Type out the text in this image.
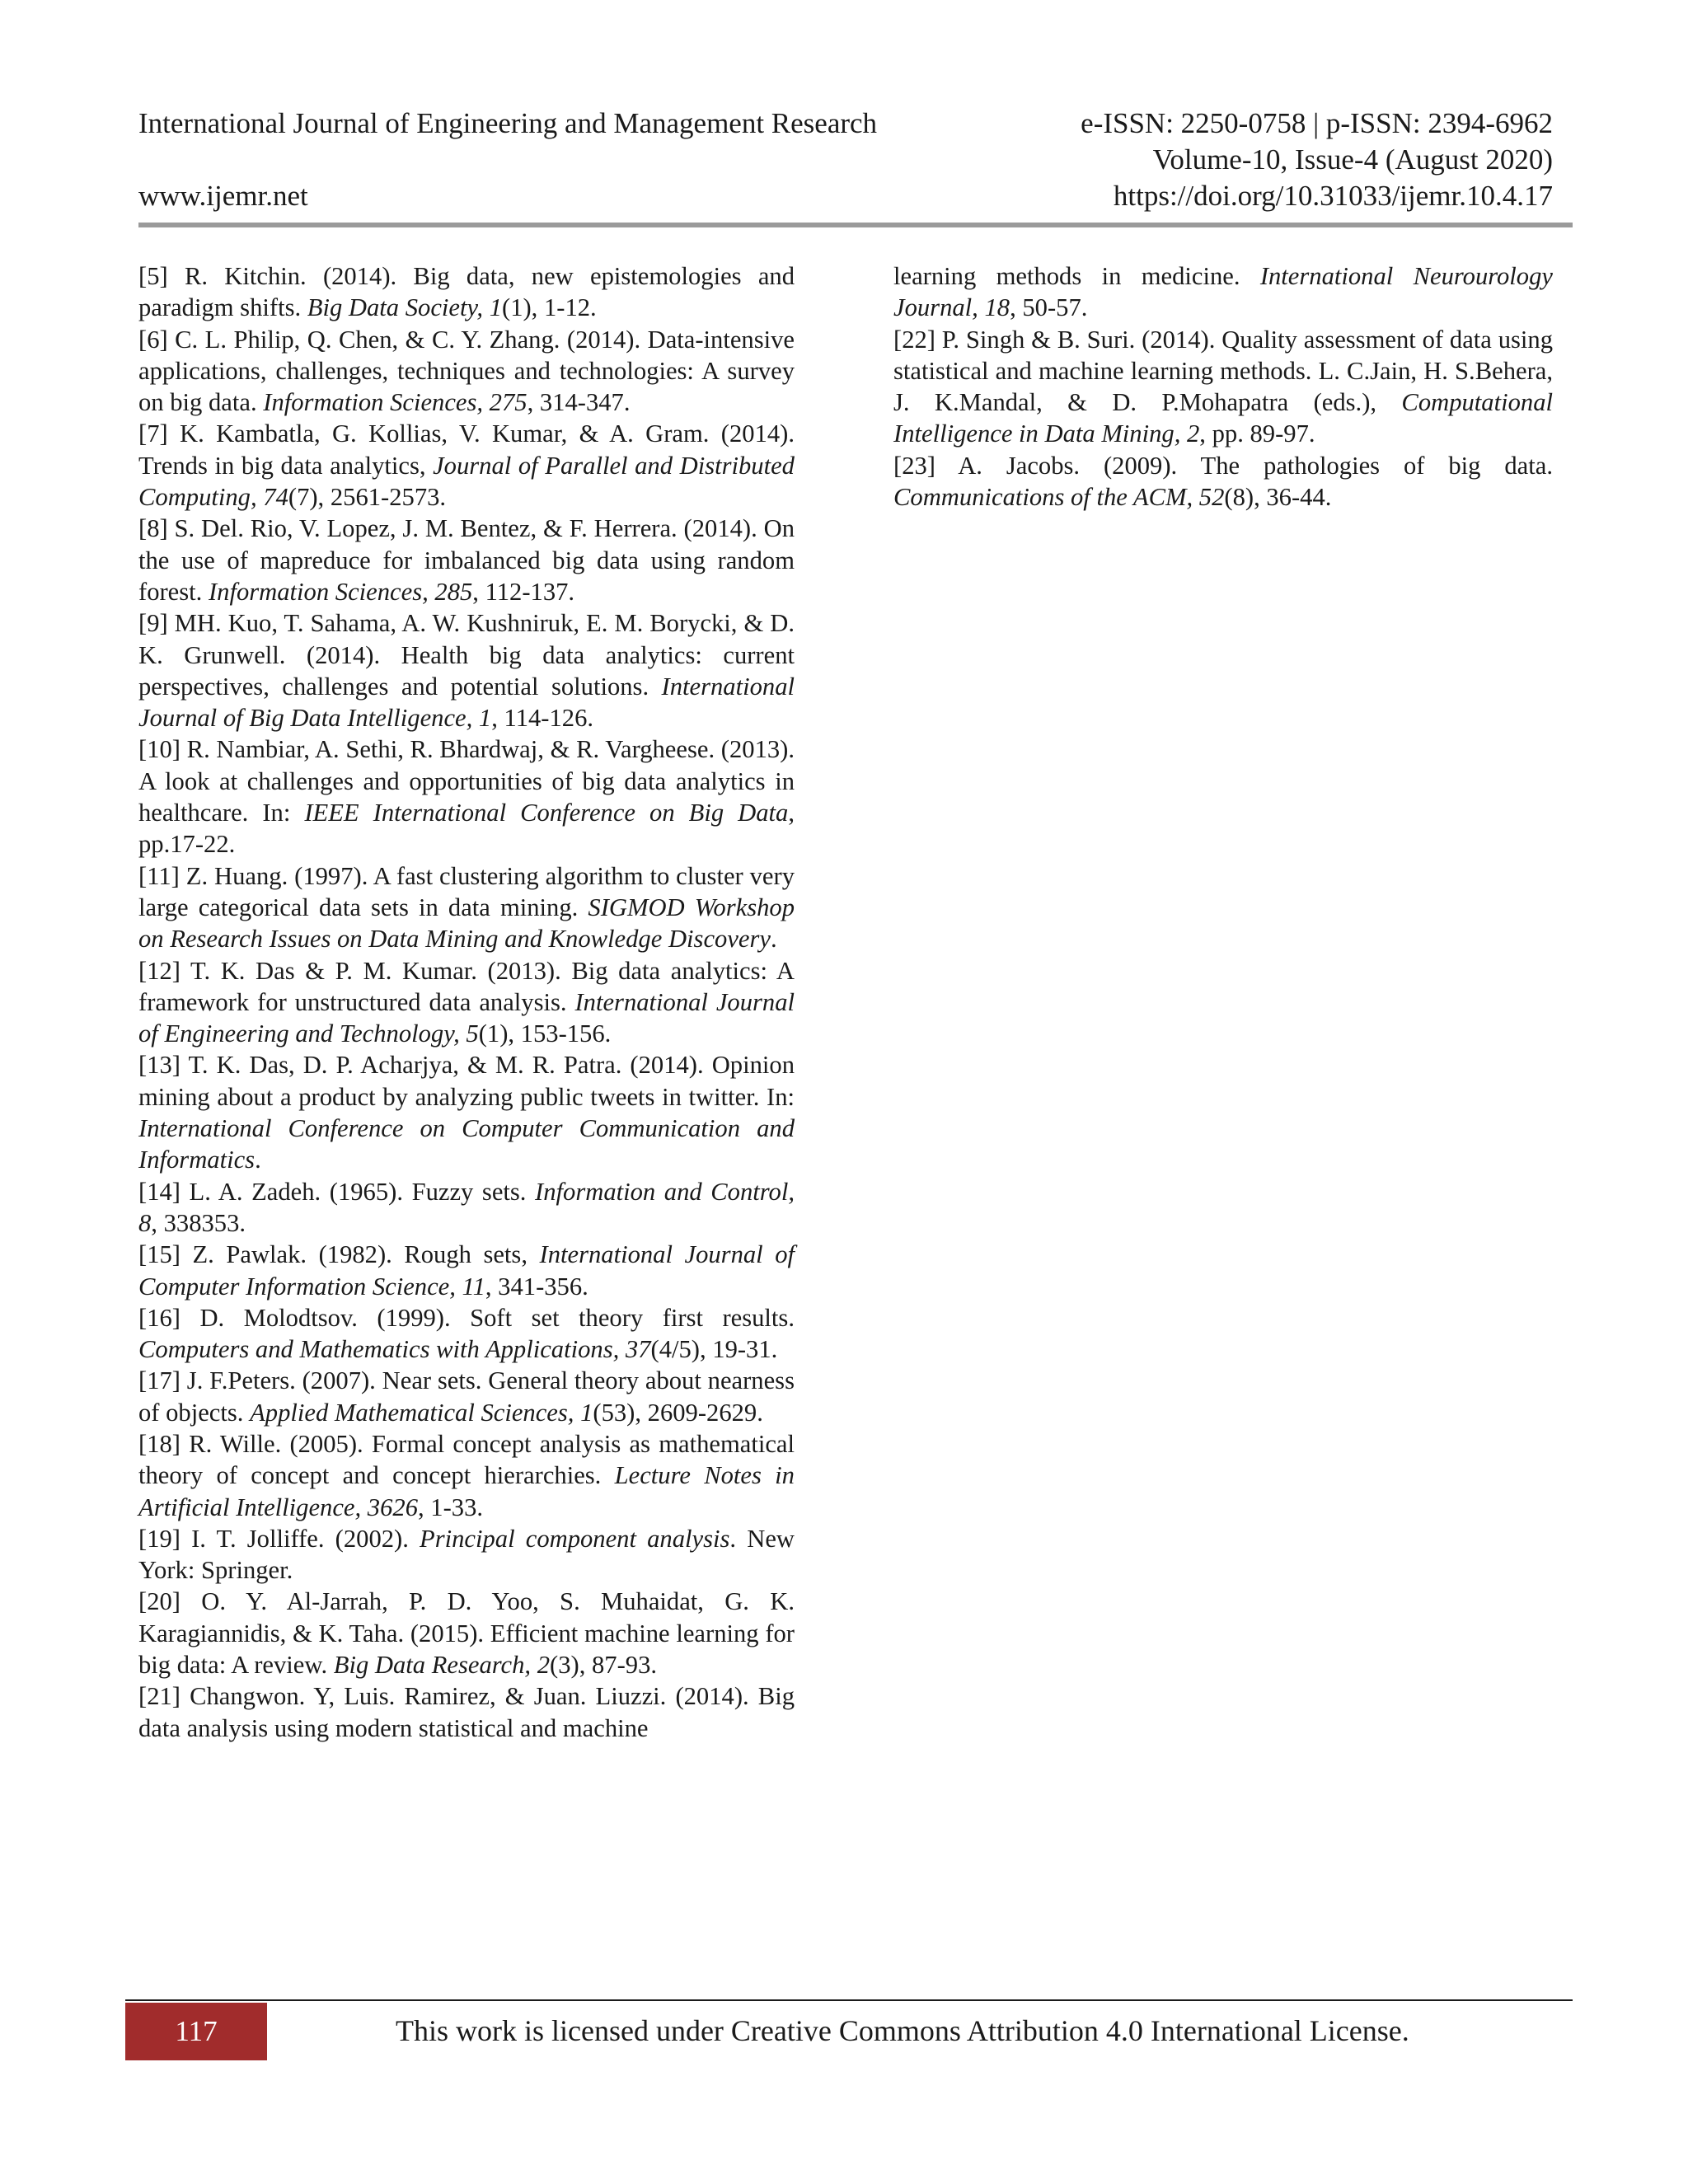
International Journal of Engineering and Management Research	e-ISSN: 2250-0758 | p-ISSN: 2394-6962
Volume-10, Issue-4 (August 2020)
www.ijemr.net	https://doi.org/10.31033/ijemr.10.4.17

[5] R. Kitchin. (2014). Big data, new epistemologies and paradigm shifts. Big Data Society, 1(1), 1-12.

[6] C. L. Philip, Q. Chen, & C. Y. Zhang. (2014). Data-intensive applications, challenges, techniques and technologies: A survey on big data. Information Sciences, 275, 314-347.

[7] K. Kambatla, G. Kollias, V. Kumar, & A. Gram. (2014). Trends in big data analytics, Journal of Parallel and Distributed Computing, 74(7), 2561-2573.

[8] S. Del. Rio, V. Lopez, J. M. Bentez, & F. Herrera. (2014). On the use of mapreduce for imbalanced big data using random forest. Information Sciences, 285, 112-137.

[9] MH. Kuo, T. Sahama, A. W. Kushniruk, E. M. Borycki, & D. K. Grunwell. (2014). Health big data analytics: current perspectives, challenges and potential solutions. International Journal of Big Data Intelligence, 1, 114-126.

[10] R. Nambiar, A. Sethi, R. Bhardwaj, & R. Vargheese. (2013). A look at challenges and opportunities of big data analytics in healthcare. In: IEEE International Conference on Big Data, pp.17-22.

[11] Z. Huang. (1997). A fast clustering algorithm to cluster very large categorical data sets in data mining. SIGMOD Workshop on Research Issues on Data Mining and Knowledge Discovery.

[12] T. K. Das & P. M. Kumar. (2013). Big data analytics: A framework for unstructured data analysis. International Journal of Engineering and Technology, 5(1), 153-156.

[13] T. K. Das, D. P. Acharjya, & M. R. Patra. (2014). Opinion mining about a product by analyzing public tweets in twitter. In: International Conference on Computer Communication and Informatics.

[14] L. A. Zadeh. (1965). Fuzzy sets. Information and Control, 8, 338353.

[15] Z. Pawlak. (1982). Rough sets, International Journal of Computer Information Science, 11, 341-356.

[16] D. Molodtsov. (1999). Soft set theory first results. Computers and Mathematics with Applications, 37(4/5), 19-31.

[17] J. F.Peters. (2007). Near sets. General theory about nearness of objects. Applied Mathematical Sciences, 1(53), 2609-2629.

[18] R. Wille. (2005). Formal concept analysis as mathematical theory of concept and concept hierarchies. Lecture Notes in Artificial Intelligence, 3626, 1-33.

[19] I. T. Jolliffe. (2002). Principal component analysis. New York: Springer.

[20] O. Y. Al-Jarrah, P. D. Yoo, S. Muhaidat, G. K. Karagiannidis, & K. Taha. (2015). Efficient machine learning for big data: A review. Big Data Research, 2(3), 87-93.

[21] Changwon. Y, Luis. Ramirez, & Juan. Liuzzi. (2014). Big data analysis using modern statistical and machine

learning methods in medicine. International Neurourology Journal, 18, 50-57.

[22] P. Singh & B. Suri. (2014). Quality assessment of data using statistical and machine learning methods. L. C.Jain, H. S.Behera, J. K.Mandal, & D. P.Mohapatra (eds.), Computational Intelligence in Data Mining, 2, pp. 89-97.

[23] A. Jacobs. (2009). The pathologies of big data. Communications of the ACM, 52(8), 36-44.

117	This work is licensed under Creative Commons Attribution 4.0 International License.
